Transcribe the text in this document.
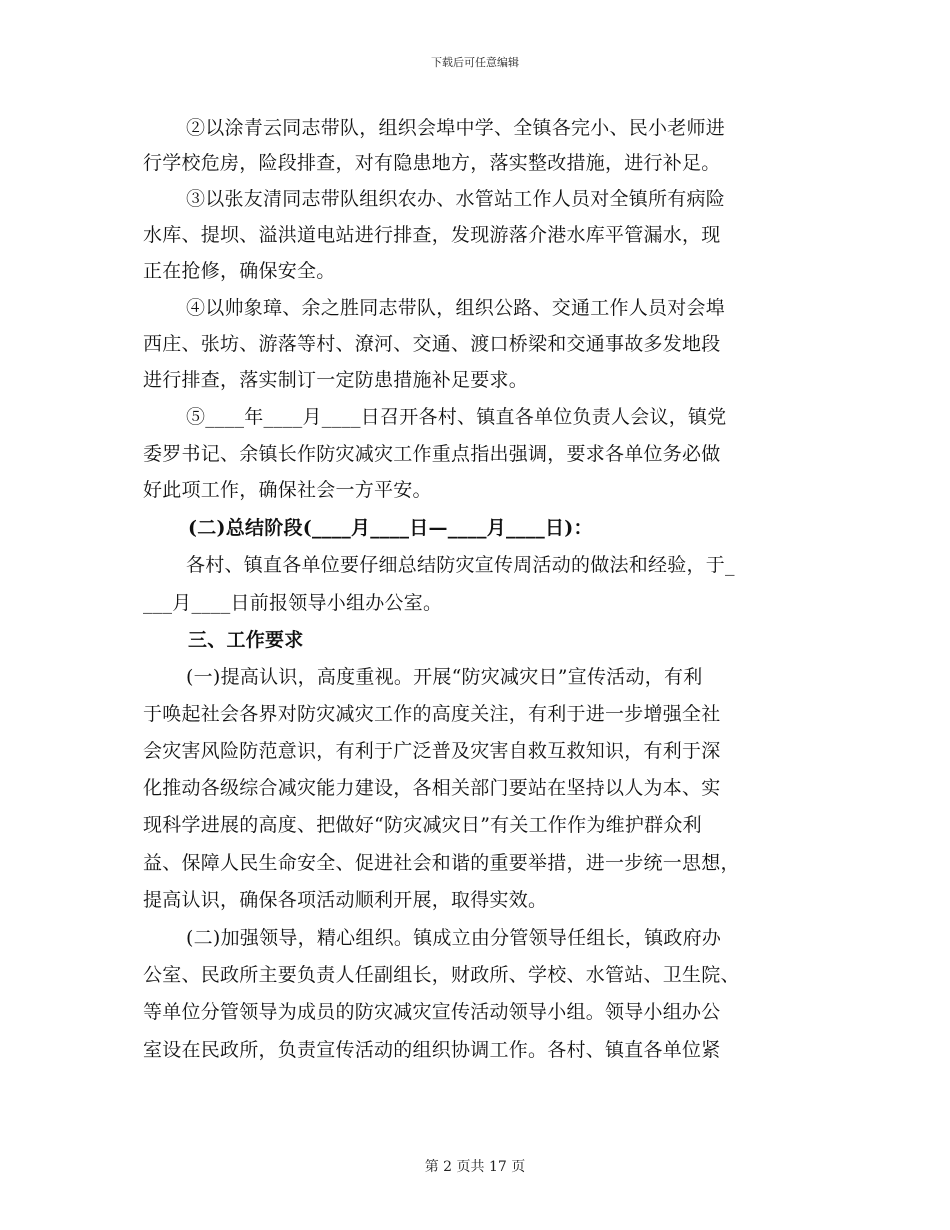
下载后可任意编辑
②以涂青云同志带队，组织会埠中学、全镇各完小、民小老师进
行学校危房，险段排查，对有隐患地方，落实整改措施，进行补足。
③以张友清同志带队组织农办、水管站工作人员对全镇所有病险
水库、提坝、溢洪道电站进行排查，发现游落介港水库平管漏水，现
正在抢修，确保安全。
④以帅象璋、余之胜同志带队，组织公路、交通工作人员对会埠
西庄、张坊、游落等村、潦河、交通、渡口桥梁和交通事故多发地段
进行排查，落实制订一定防患措施补足要求。
⑤____年____月____日召开各村、镇直各单位负责人会议，镇党
委罗书记、余镇长作防灾减灾工作重点指出强调，要求各单位务必做
好此项工作，确保社会一方平安。
(二)总结阶段(____月____日—____月____日)：
各村、镇直各单位要仔细总结防灾宣传周活动的做法和经验，于_
___月____日前报领导小组办公室。
三、工作要求
(一)提高认识，高度重视。开展“防灾减灾日”宣传活动，有利
于唤起社会各界对防灾减灾工作的高度关注，有利于进一步增强全社
会灾害风险防范意识，有利于广泛普及灾害自救互救知识，有利于深
化推动各级综合减灾能力建设，各相关部门要站在坚持以人为本、实
现科学进展的高度、把做好“防灾减灾日”有关工作作为维护群众利
益、保障人民生命安全、促进社会和谐的重要举措，进一步统一思想，
提高认识，确保各项活动顺利开展，取得实效。
(二)加强领导，精心组织。镇成立由分管领导任组长，镇政府办
公室、民政所主要负责人任副组长，财政所、学校、水管站、卫生院、
等单位分管领导为成员的防灾减灾宣传活动领导小组。领导小组办公
室设在民政所，负责宣传活动的组织协调工作。各村、镇直各单位紧
第 2 页共 17 页
